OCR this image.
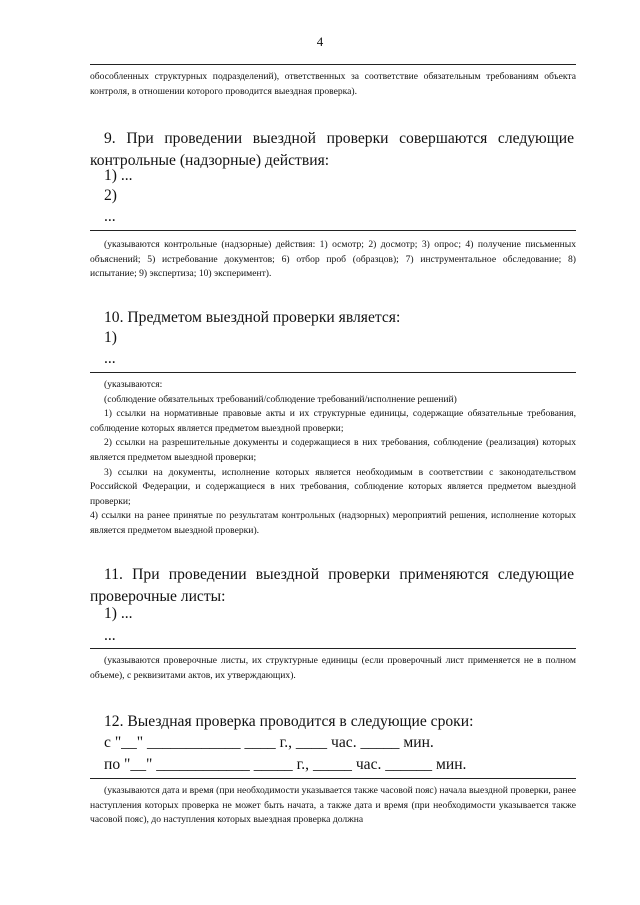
4
обособленных структурных подразделений), ответственных за соответствие обязательным требованиям объекта контроля, в отношении которого проводится выездная проверка).

9. При проведении выездной проверки совершаются следующие контрольные (надзорные) действия:

1) ...
2)
...

(указываются контрольные (надзорные) действия: 1) осмотр; 2) досмотр; 3) опрос; 4) получение письменных объяснений; 5) истребование документов; 6) отбор проб (образцов); 7) инструментальное обследование; 8) испытание; 9) экспертиза; 10) эксперимент).

10. Предметом выездной проверки является:

1)
...

(указываются:

(соблюдение обязательных требований/соблюдение требований/исполнение решений)

1) ссылки на нормативные правовые акты и их структурные единицы, содержащие обязательные требования, соблюдение которых является предметом выездной проверки;

2) ссылки на разрешительные документы и содержащиеся в них требования, соблюдение (реализация) которых является предметом выездной проверки;

3) ссылки на документы, исполнение которых является необходимым в соответствии с законодательством Российской Федерации, и содержащиеся в них требования, соблюдение которых является предметом выездной проверки;

4) ссылки на ранее принятые по результатам контрольных (надзорных) мероприятий решения, исполнение которых является предметом выездной проверки).

11. При проведении выездной проверки применяются следующие проверочные листы:

1) ...
...

(указываются проверочные листы, их структурные единицы (если проверочный лист применяется не в полном объеме), с реквизитами актов, их утверждающих).

12. Выездная проверка проводится в следующие сроки:

с "__" ____________ ____ г., ____ час. _____ мин.
по "__" ____________ _____ г., _____ час. ______ мин.

(указываются дата и время (при необходимости указывается также часовой пояс) начала выездной проверки, ранее наступления которых проверка не может быть начата, а также дата и время (при необходимости указывается также часовой пояс), до наступления которых выездная проверка должна
